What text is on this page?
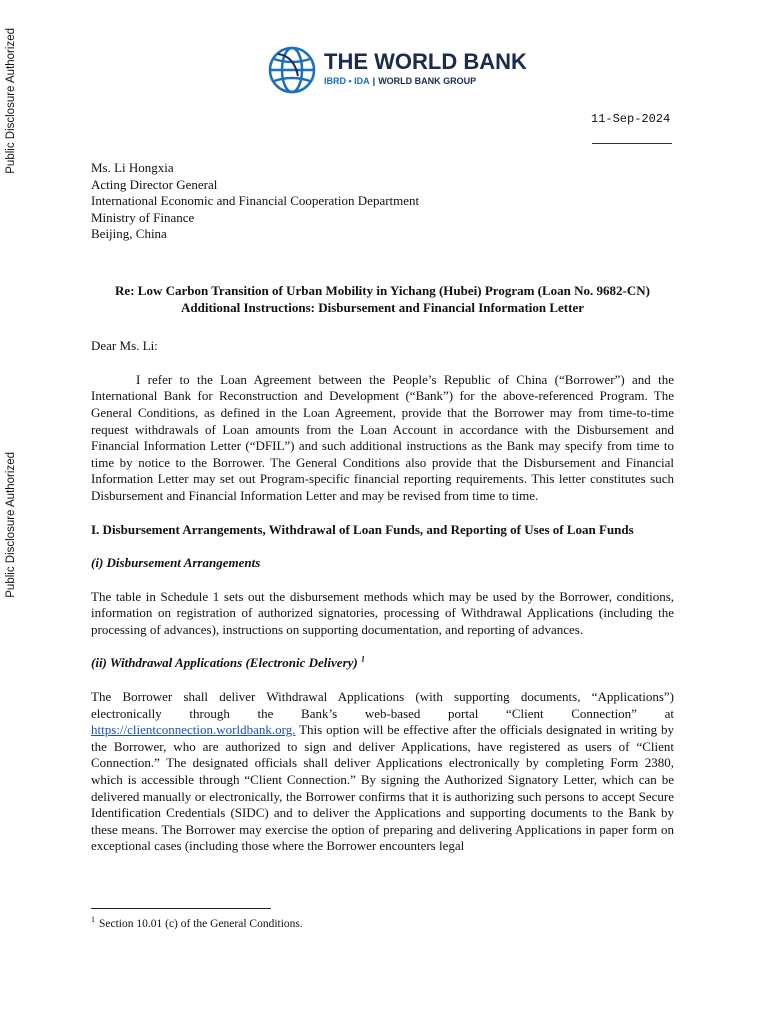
Public Disclosure Authorized
Public Disclosure Authorized
THE WORLD BANK
IBRD • IDA | WORLD BANK GROUP
11-Sep-2024
Ms. Li Hongxia
Acting Director General
International Economic and Financial Cooperation Department
Ministry of Finance
Beijing, China
Re: Low Carbon Transition of Urban Mobility in Yichang (Hubei) Program (Loan No. 9682-CN)
Additional Instructions: Disbursement and Financial Information Letter
Dear Ms. Li:

I refer to the Loan Agreement between the People’s Republic of China (“Borrower”) and the International Bank for Reconstruction and Development (“Bank”) for the above-referenced Program. The General Conditions, as defined in the Loan Agreement, provide that the Borrower may from time-to-time request withdrawals of Loan amounts from the Loan Account in accordance with the Disbursement and Financial Information Letter (“DFIL”) and such additional instructions as the Bank may specify from time to time by notice to the Borrower. The General Conditions also provide that the Disbursement and Financial Information Letter may set out Program-specific financial reporting requirements. This letter constitutes such Disbursement and Financial Information Letter and may be revised from time to time.

I. Disbursement Arrangements, Withdrawal of Loan Funds, and Reporting of Uses of Loan Funds
(i) Disbursement Arrangements

The table in Schedule 1 sets out the disbursement methods which may be used by the Borrower, conditions, information on registration of authorized signatories, processing of Withdrawal Applications (including the processing of advances), instructions on supporting documentation, and reporting of advances.

(ii) Withdrawal Applications (Electronic Delivery) $^1$

The Borrower shall deliver Withdrawal Applications (with supporting documents, “Applications”) electronically through the Bank’s web-based portal “Client Connection” at https://clientconnection.worldbank.org. This option will be effective after the officials designated in writing by the Borrower, who are authorized to sign and deliver Applications, have registered as users of “Client Connection.” The designated officials shall deliver Applications electronically by completing Form 2380, which is accessible through “Client Connection.” By signing the Authorized Signatory Letter, which can be delivered manually or electronically, the Borrower confirms that it is authorizing such persons to accept Secure Identification Credentials (SIDC) and to deliver the Applications and supporting documents to the Bank by these means. The Borrower may exercise the option of preparing and delivering Applications in paper form on exceptional cases (including those where the Borrower encounters legal

$^1$ Section 10.01 (c) of the General Conditions.
